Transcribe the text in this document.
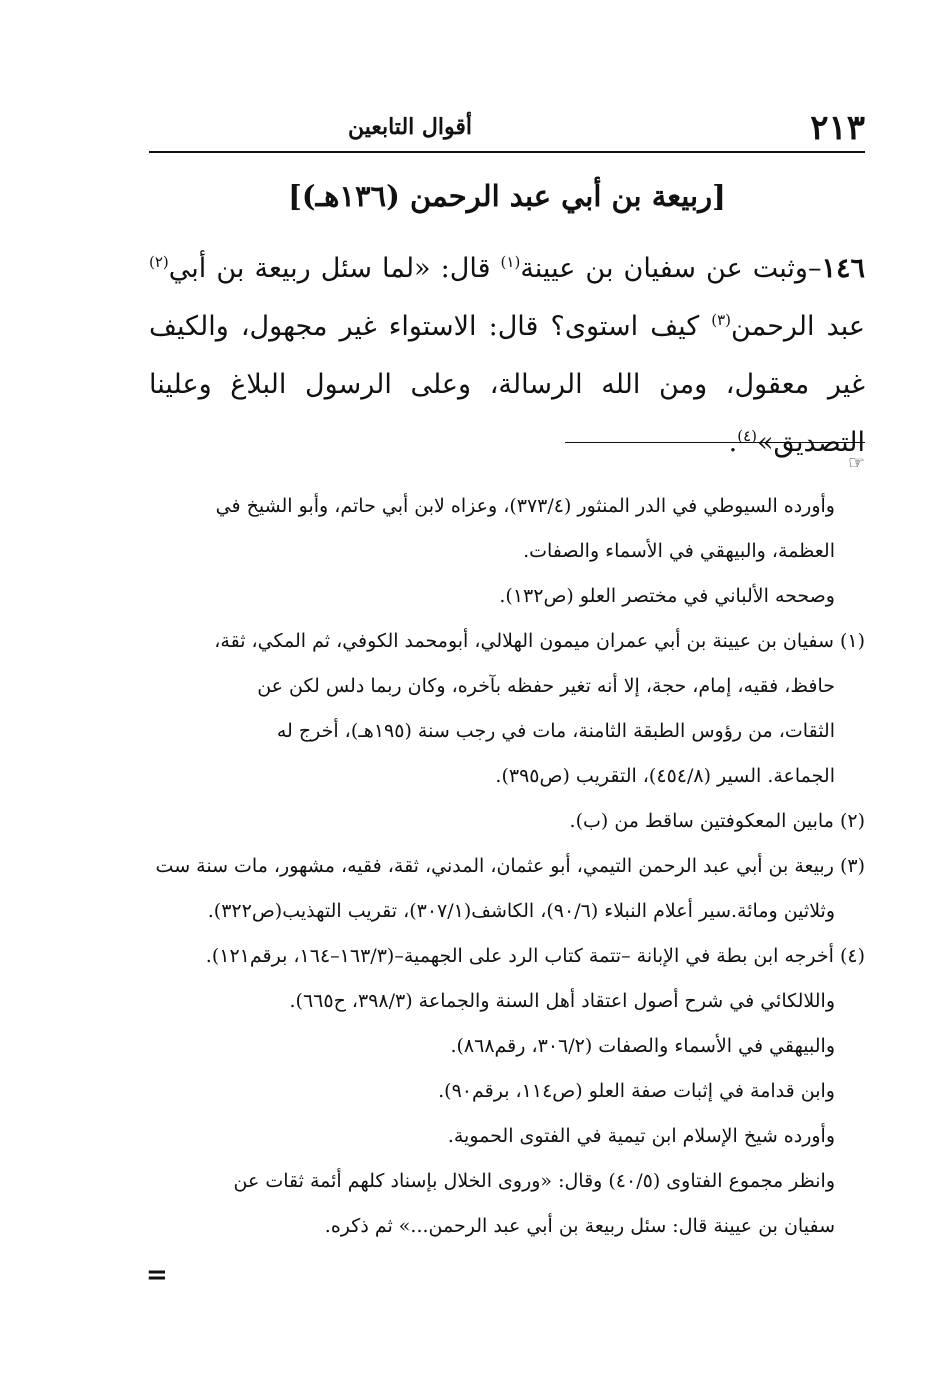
٢١٣
أقوال التابعين
[ربيعة بن أبي عبد الرحمن (١٣٦هـ)]
١٤٦–وثبت عن سفيان بن عيينة$^{(١)}$ قال: «لما سئل ربيعة بن أبي$^{(٢)}$ عبد الرحمن$^{(٣)}$ كيف استوى؟ قال: الاستواء غير مجهول، والكيف غير معقول، ومن الله الرسالة، وعلى الرسول البلاغ وعلينا التصديق»$^{(٤)}$.
☞
وأورده السيوطي في الدر المنثور (٣٧٣/٤)، وعزاه لابن أبي حاتم، وأبو الشيخ في
العظمة، والبيهقي في الأسماء والصفات.
وصححه الألباني في مختصر العلو (ص١٣٢).
(١) سفيان بن عيينة بن أبي عمران ميمون الهلالي، أبومحمد الكوفي، ثم المكي، ثقة،
حافظ، فقيه، إمام، حجة، إلا أنه تغير حفظه بآخره، وكان ربما دلس لكن عن
الثقات، من رؤوس الطبقة الثامنة، مات في رجب سنة (١٩٥هـ)، أخرج له
الجماعة. السير (٤٥٤/٨)، التقريب (ص٣٩٥).
(٢) مابين المعكوفتين ساقط من (ب).
(٣) ربيعة بن أبي عبد الرحمن التيمي، أبو عثمان، المدني، ثقة، فقيه، مشهور، مات سنة ست
وثلاثين ومائة.سير أعلام النبلاء (٩٠/٦)، الكاشف(٣٠٧/١)، تقريب التهذيب(ص٣٢٢).
(٤) أخرجه ابن بطة في الإبانة –تتمة كتاب الرد على الجهمية–(١٦٣/٣–١٦٤، برقم١٢١).
واللالكائي في شرح أصول اعتقاد أهل السنة والجماعة (٣٩٨/٣، ح٦٦٥).
والبيهقي في الأسماء والصفات (٣٠٦/٢، رقم٨٦٨).
وابن قدامة في إثبات صفة العلو (ص١١٤، برقم٩٠).
وأورده شيخ الإسلام ابن تيمية في الفتوى الحموية.
وانظر مجموع الفتاوى (٤٠/٥) وقال: «وروى الخلال بإسناد كلهم أئمة ثقات عن
سفيان بن عيينة قال: سئل ربيعة بن أبي عبد الرحمن...» ثم ذكره.
=
